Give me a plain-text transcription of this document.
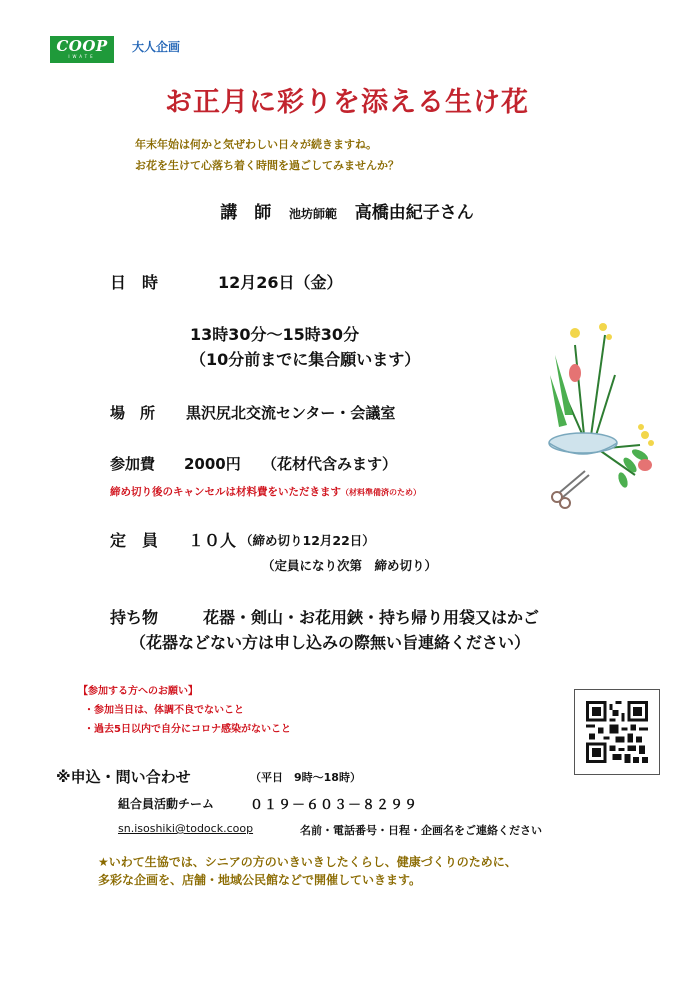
COOP
IWATE
大人企画
お正月に彩りを添える生け花
年末年始は何かと気ぜわしい日々が続きますね。
お花を生けて心落ち着く時間を過ごしてみませんか？
講　師 池坊師範 高橋由紀子さん
日　時	12月26日（金）
13時30分～15時30分
（10分前までに集合願います）
場　所 黒沢尻北交流センター・会議室
参加費 2000円 （花材代含みます）
締め切り後のキャンセルは材料費をいただきます（材料準備済のため）
定　員 １０人 （締め切り12月22日）
（定員になり次第　締め切り）
持ち物	花器・剣山・お花用鋏・持ち帰り用袋又はかご
（花器などない方は申し込みの際無い旨連絡ください）
【参加する方へのお願い】
・参加当日は、体調不良でないこと
・過去5日以内で自分にコロナ感染がないこと
※申込・問い合わせ	（平日　9時～18時）
組合員活動チーム	０１９－６０３－８２９９
sn.isoshiki@todock.coop	名前・電話番号・日程・企画名をご連絡ください
★いわて生協では、シニアの方のいきいきしたくらし、健康づくりのために、
多彩な企画を、店舗・地域公民館などで開催していきます。
